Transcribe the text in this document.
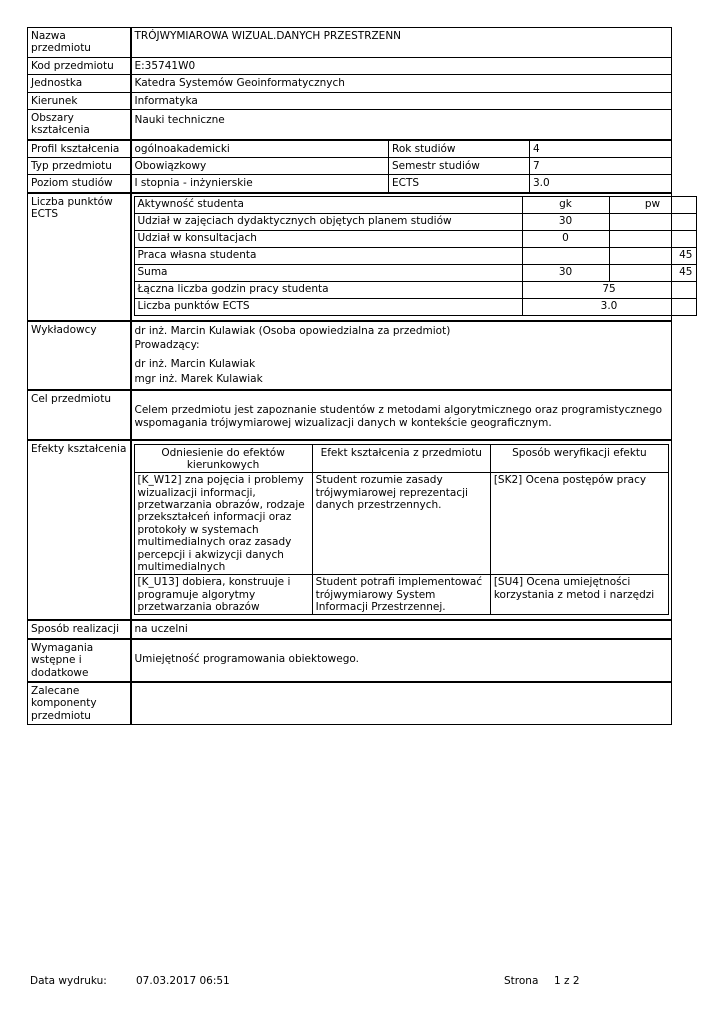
Nazwa przedmiotu	TRÓJWYMIAROWA WIZUAL.DANYCH PRZESTRZENN
Kod przedmiotu	E:35741W0
Jednostka	Katedra Systemów Geoinformatycznych
Kierunek	Informatyka
Obszary kształcenia	Nauki techniczne
Profil kształcenia	ogólnoakademicki	Rok studiów	4
Typ przedmiotu	Obowiązkowy	Semestr studiów	7
Poziom studiów	I stopnia - inżynierskie	ECTS	3.0
Liczba punktów ECTS	
Aktywność studenta	gk	pw
Udział w zajęciach dydaktycznych objętych planem studiów	30	
Udział w konsultacjach	0	
Praca własna studenta		45
Suma	30	45
Łączna liczba godzin pracy studenta	75
Liczba punktów ECTS	3.0

Wykładowcy	dr inż. Marcin Kulawiak (Osoba opowiedzialna za przedmiot)
Prowadzący:
dr inż. Marcin Kulawiak
mgr inż. Marek Kulawiak

Cel przedmiotu	Celem przedmiotu jest zapoznanie studentów z metodami algorytmicznego oraz programistycznego wspomagania trójwymiarowej wizualizacji danych w kontekście geograficznym.
Efekty kształcenia		Odniesienie do efektów kierunkowych	Efekt kształcenia z przedmiotu	Sposób weryfikacji efektu
[K_W12] zna pojęcia i problemy wizualizacji informacji, przetwarzania obrazów, rodzaje przekształceń informacji oraz protokoły w systemach multimedialnych oraz zasady percepcji i akwizycji danych multimedialnych	Student rozumie zasady trójwymiarowej reprezentacji danych przestrzennych.	[SK2] Ocena postępów pracy
[K_U13] dobiera, konstruuje i programuje algorytmy przetwarzania obrazów	Student potrafi implementować trójwymiarowy System Informacji Przestrzennej.	[SU4] Ocena umiejętności korzystania z metod i narzędzi

Sposób realizacji	na uczelni
Wymagania wstępne i dodatkowe	Umiejętność programowania obiektowego.
Zalecane komponenty przedmiotu	
Data wydruku:	07.03.2017 06:51	Strona 1 z 2
